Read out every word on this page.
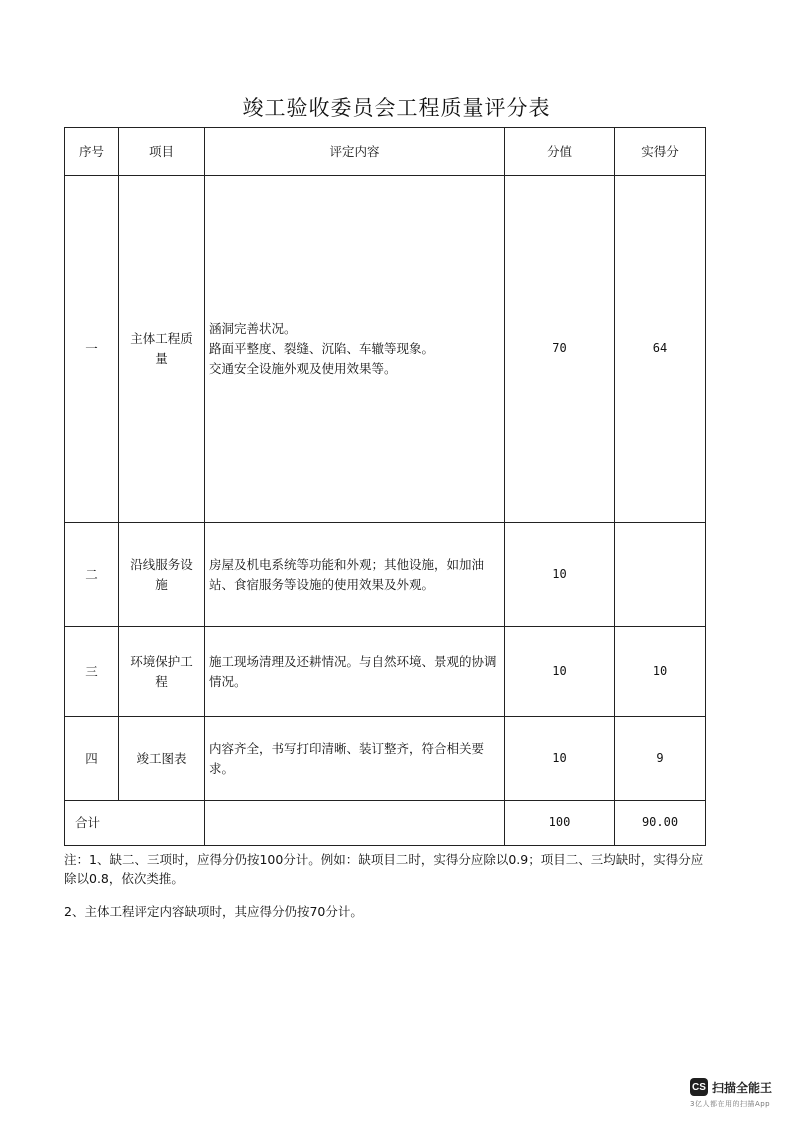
竣工验收委员会工程质量评分表
序号	项目	评定内容	分值	实得分
一	主体工程质量	涵洞完善状况。
路面平整度、裂缝、沉陷、车辙等现象。
交通安全设施外观及使用效果等。	70	64
二	沿线服务设施	房屋及机电系统等功能和外观；其他设施，如加油站、食宿服务等设施的使用效果及外观。	10	
三	环境保护工程	施工现场清理及还耕情况。与自然环境、景观的协调情况。	10	10
四	竣工图表	内容齐全，书写打印清晰、装订整齐，符合相关要求。	10	9
合计			100	90.00

注：1、缺二、三项时，应得分仍按100分计。例如：缺项目二时，实得分应除以0.9；项目二、三均缺时，实得分应除以0.8，依次类推。

2、主体工程评定内容缺项时，其应得分仍按70分计。

CS 扫描全能王
3亿人都在用的扫描App
